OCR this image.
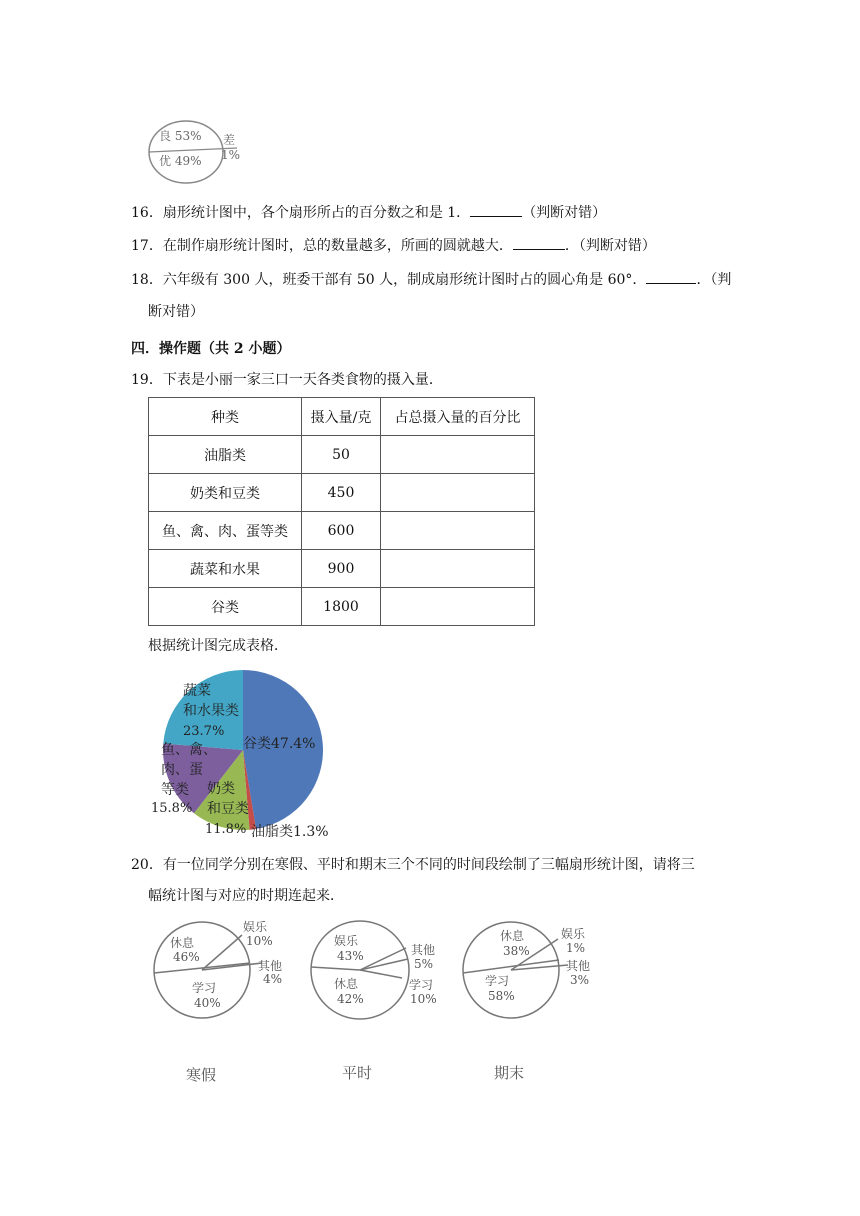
良 53%
优 49%
差
1%
16．扇形统计图中，各个扇形所占的百分数之和是 1．	（判断对错）
17．在制作扇形统计图时，总的数量越多，所画的圆就越大．	．（判断对错）
18．六年级有 300 人，班委干部有 50 人，制成扇形统计图时占的圆心角是 60°．	．（判
断对错）
四．操作题（共 2 小题）
19．下表是小丽一家三口一天各类食物的摄入量．
种类	摄入量/克	占总摄入量的百分比
油脂类	50	
奶类和豆类	450	
鱼、禽、肉、蛋等类	600	
蔬菜和水果	900	
谷类	1800	
根据统计图完成表格．
谷类47.4%
油脂类1.3%
奶类
和豆类
11.8%
鱼、禽、
肉、蛋
等类
15.8%
蔬菜
和水果类
23.7%
20．有一位同学分别在寒假、平时和期末三个不同的时间段绘制了三幅扇形统计图，请将三
幅统计图与对应的时期连起来．
休息
46%
娱乐
10%
其他
4%
学习
40%
娱乐
43%	其他
5%
休息
42%
学习
10%
休息
38%
娱乐
1%
其他
3%
学习
58%
寒假	平时	期末
